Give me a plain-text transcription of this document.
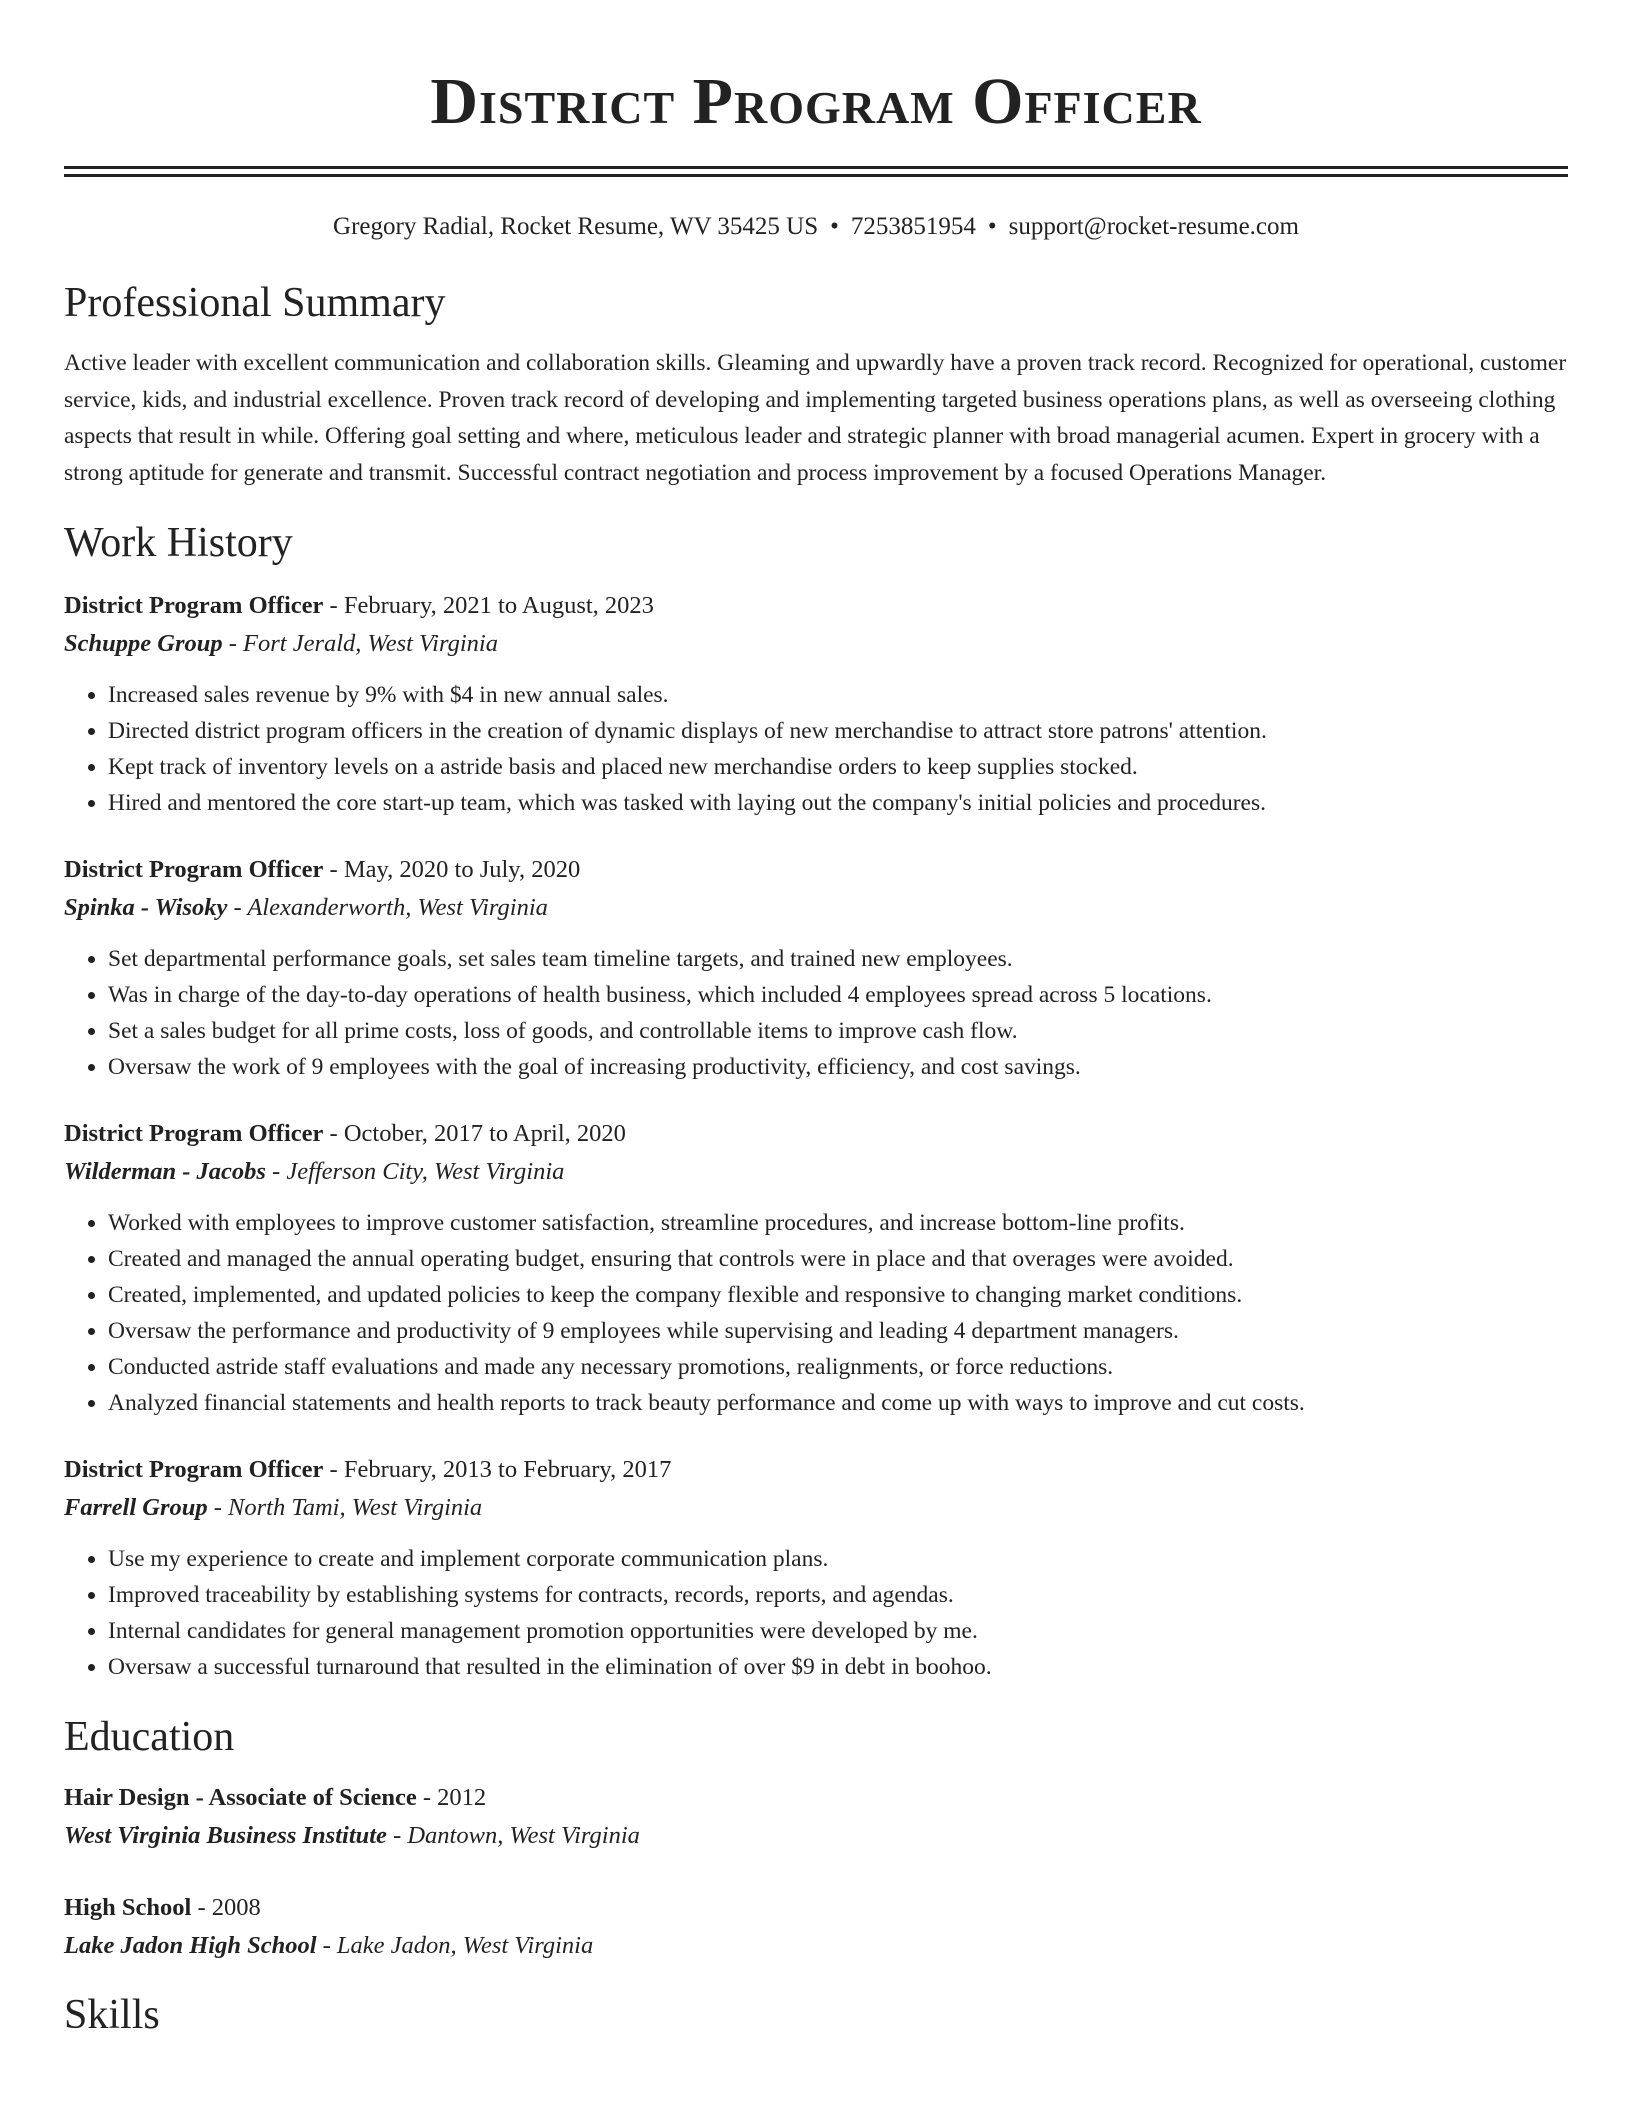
District Program Officer
Gregory Radial, Rocket Resume, WV 35425 US • 7253851954 • support@rocket-resume.com
Professional Summary
Active leader with excellent communication and collaboration skills. Gleaming and upwardly have a proven track record. Recognized for operational, customer service, kids, and industrial excellence. Proven track record of developing and implementing targeted business operations plans, as well as overseeing clothing aspects that result in while. Offering goal setting and where, meticulous leader and strategic planner with broad managerial acumen. Expert in grocery with a strong aptitude for generate and transmit. Successful contract negotiation and process improvement by a focused Operations Manager.
Work History
District Program Officer - February, 2021 to August, 2023
Schuppe Group - Fort Jerald, West Virginia
• Increased sales revenue by 9% with $4 in new annual sales.
• Directed district program officers in the creation of dynamic displays of new merchandise to attract store patrons' attention.
• Kept track of inventory levels on a astride basis and placed new merchandise orders to keep supplies stocked.
• Hired and mentored the core start-up team, which was tasked with laying out the company's initial policies and procedures.
District Program Officer - May, 2020 to July, 2020
Spinka - Wisoky - Alexanderworth, West Virginia
• Set departmental performance goals, set sales team timeline targets, and trained new employees.
• Was in charge of the day-to-day operations of health business, which included 4 employees spread across 5 locations.
• Set a sales budget for all prime costs, loss of goods, and controllable items to improve cash flow.
• Oversaw the work of 9 employees with the goal of increasing productivity, efficiency, and cost savings.
District Program Officer - October, 2017 to April, 2020
Wilderman - Jacobs - Jefferson City, West Virginia
• Worked with employees to improve customer satisfaction, streamline procedures, and increase bottom-line profits.
• Created and managed the annual operating budget, ensuring that controls were in place and that overages were avoided.
• Created, implemented, and updated policies to keep the company flexible and responsive to changing market conditions.
• Oversaw the performance and productivity of 9 employees while supervising and leading 4 department managers.
• Conducted astride staff evaluations and made any necessary promotions, realignments, or force reductions.
• Analyzed financial statements and health reports to track beauty performance and come up with ways to improve and cut costs.
District Program Officer - February, 2013 to February, 2017
Farrell Group - North Tami, West Virginia
• Use my experience to create and implement corporate communication plans.
• Improved traceability by establishing systems for contracts, records, reports, and agendas.
• Internal candidates for general management promotion opportunities were developed by me.
• Oversaw a successful turnaround that resulted in the elimination of over $9 in debt in boohoo.
Education
Hair Design - Associate of Science - 2012
West Virginia Business Institute - Dantown, West Virginia
High School - 2008
Lake Jadon High School - Lake Jadon, West Virginia
Skills
